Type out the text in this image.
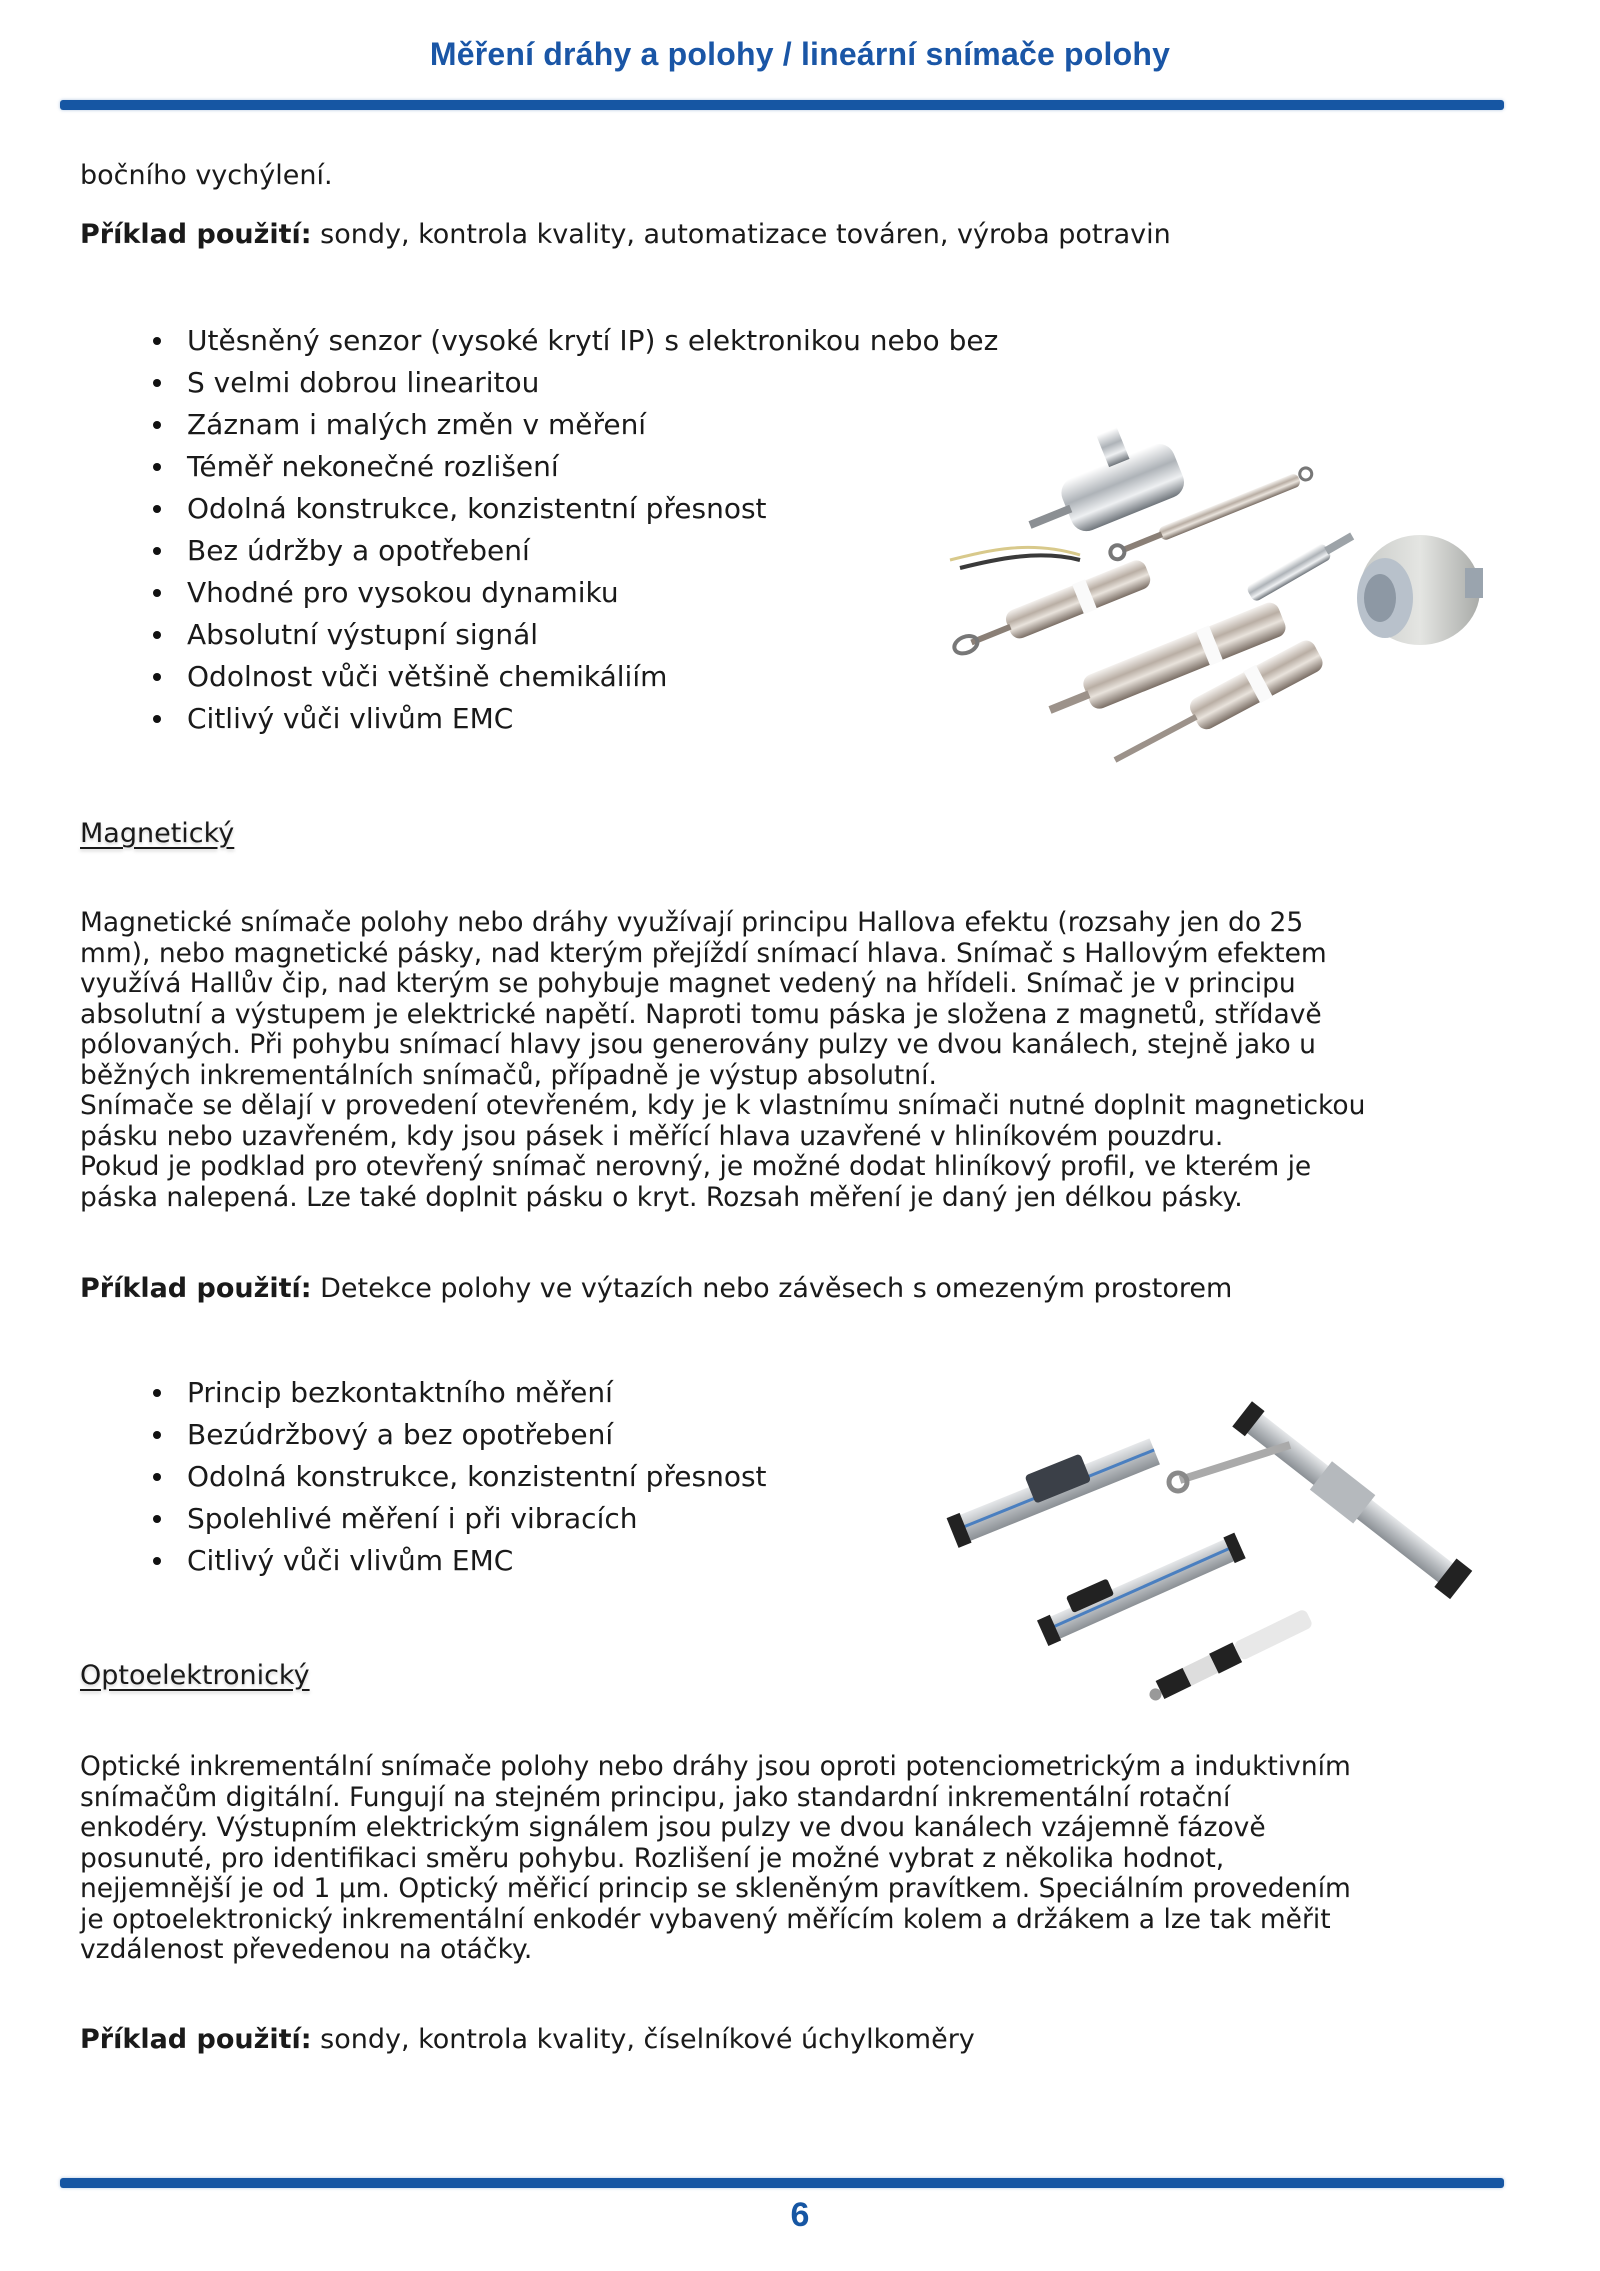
Měření dráhy a polohy / lineární snímače polohy
bočního vychýlení.
Příklad použití: sondy, kontrola kvality, automatizace továren, výroba potravin
Utěsněný senzor (vysoké krytí IP) s elektronikou nebo bez
S velmi dobrou linearitou
Záznam i malých změn v měření
Téměř nekonečné rozlišení
Odolná konstrukce, konzistentní přesnost
Bez údržby a opotřebení
Vhodné pro vysokou dynamiku
Absolutní výstupní signál
Odolnost vůči většině chemikáliím
Citlivý vůči vlivům EMC
Magnetický
Magnetické snímače polohy nebo dráhy využívají principu Hallova efektu (rozsahy jen do 25
mm), nebo magnetické pásky, nad kterým přejíždí snímací hlava. Snímač s Hallovým efektem
využívá Hallův čip, nad kterým se pohybuje magnet vedený na hřídeli. Snímač je v principu
absolutní a výstupem je elektrické napětí. Naproti tomu páska je složena z magnetů, střídavě
pólovaných. Při pohybu snímací hlavy jsou generovány pulzy ve dvou kanálech, stejně jako u
běžných inkrementálních snímačů, případně je výstup absolutní.
Snímače se dělají v provedení otevřeném, kdy je k vlastnímu snímači nutné doplnit magnetickou
pásku nebo uzavřeném, kdy jsou pásek i měřící hlava uzavřené v hliníkovém pouzdru.
Pokud je podklad pro otevřený snímač nerovný, je možné dodat hliníkový profil, ve kterém je
páska nalepená. Lze také doplnit pásku o kryt. Rozsah měření je daný jen délkou pásky.
Příklad použití: Detekce polohy ve výtazích nebo závěsech s omezeným prostorem
Princip bezkontaktního měření
Bezúdržbový a bez opotřebení
Odolná konstrukce, konzistentní přesnost
Spolehlivé měření i při vibracích
Citlivý vůči vlivům EMC
Optoelektronický
Optické inkrementální snímače polohy nebo dráhy jsou oproti potenciometrickým a induktivním
snímačům digitální. Fungují na stejném principu, jako standardní inkrementální rotační
enkodéry. Výstupním elektrickým signálem jsou pulzy ve dvou kanálech vzájemně fázově
posunuté, pro identifikaci směru pohybu. Rozlišení je možné vybrat z několika hodnot,
nejjemnější je od 1 µm. Optický měřicí princip se skleněným pravítkem. Speciálním provedením
je optoelektronický inkrementální enkodér vybavený měřícím kolem a držákem a lze tak měřit
vzdálenost převedenou na otáčky.
Příklad použití: sondy, kontrola kvality, číselníkové úchylkoměry
6
